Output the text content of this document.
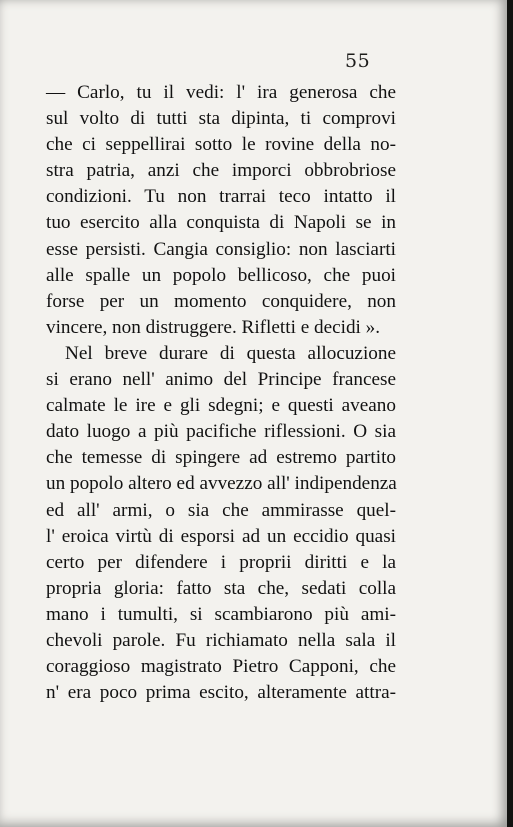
55
— Carlo, tu il vedi: l' ira generosa che
sul volto di tutti sta dipinta, ti comprovi
che ci seppellirai sotto le rovine della no-
stra patria, anzi che imporci obbrobriose
condizioni. Tu non trarrai teco intatto il
tuo esercito alla conquista di Napoli se in
esse persisti. Cangia consiglio: non lasciarti
alle spalle un popolo bellicoso, che puoi
forse per un momento conquidere, non
vincere, non distruggere. Rifletti e decidi ».
Nel breve durare di questa allocuzione
si erano nell' animo del Principe francese
calmate le ire e gli sdegni; e questi aveano
dato luogo a più pacifiche riflessioni. O sia
che temesse di spingere ad estremo partito
un popolo altero ed avvezzo all' indipendenza
ed all' armi, o sia che ammirasse quel-
l' eroica virtù di esporsi ad un eccidio quasi
certo per difendere i proprii diritti e la
propria gloria: fatto sta che, sedati colla
mano i tumulti, si scambiarono più ami-
chevoli parole. Fu richiamato nella sala il
coraggioso magistrato Pietro Capponi, che
n' era poco prima escito, alteramente attra-
